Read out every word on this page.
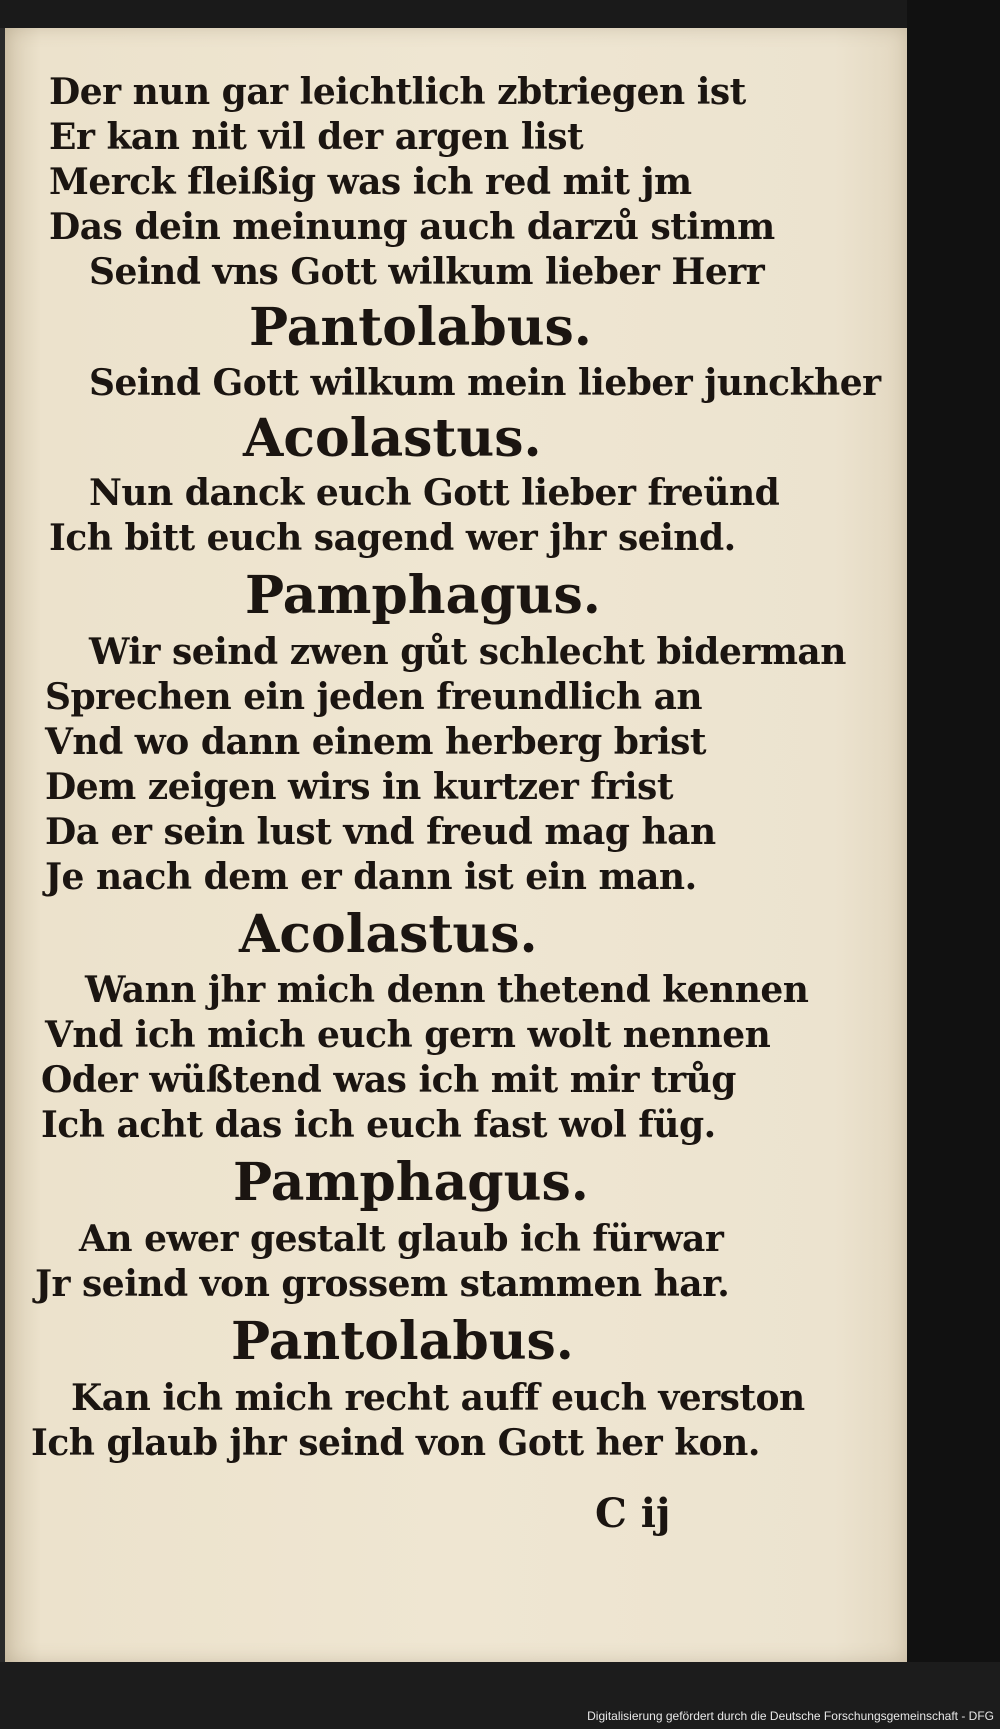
Der nun gar leichtlich zbtriegen ist
Er kan nit vil der argen list
Merck fleißig was ich red mit jm
Das dein meinung auch darzů stimm
Seind vns Gott wilkum lieber Herr
Pantolabus.
Seind Gott wilkum mein lieber junckher
Acolastus.
Nun danck euch Gott lieber freünd
Ich bitt euch sagend wer jhr seind.
Pamphagus.
Wir seind zwen gůt schlecht biderman
Sprechen ein jeden freundlich an
Vnd wo dann einem herberg brist
Dem zeigen wirs in kurtzer frist
Da er sein lust vnd freud mag han
Je nach dem er dann ist ein man.
Acolastus.
Wann jhr mich denn thetend kennen
Vnd ich mich euch gern wolt nennen
Oder wüßtend was ich mit mir trůg
Ich acht das ich euch fast wol füg.
Pamphagus.
An ewer gestalt glaub ich fürwar
Jr seind von grossem stammen har.
Pantolabus.
Kan ich mich recht auff euch verston
Ich glaub jhr seind von Gott her kon.
C ij
Digitalisierung gefördert durch die Deutsche Forschungsgemeinschaft - DFG
